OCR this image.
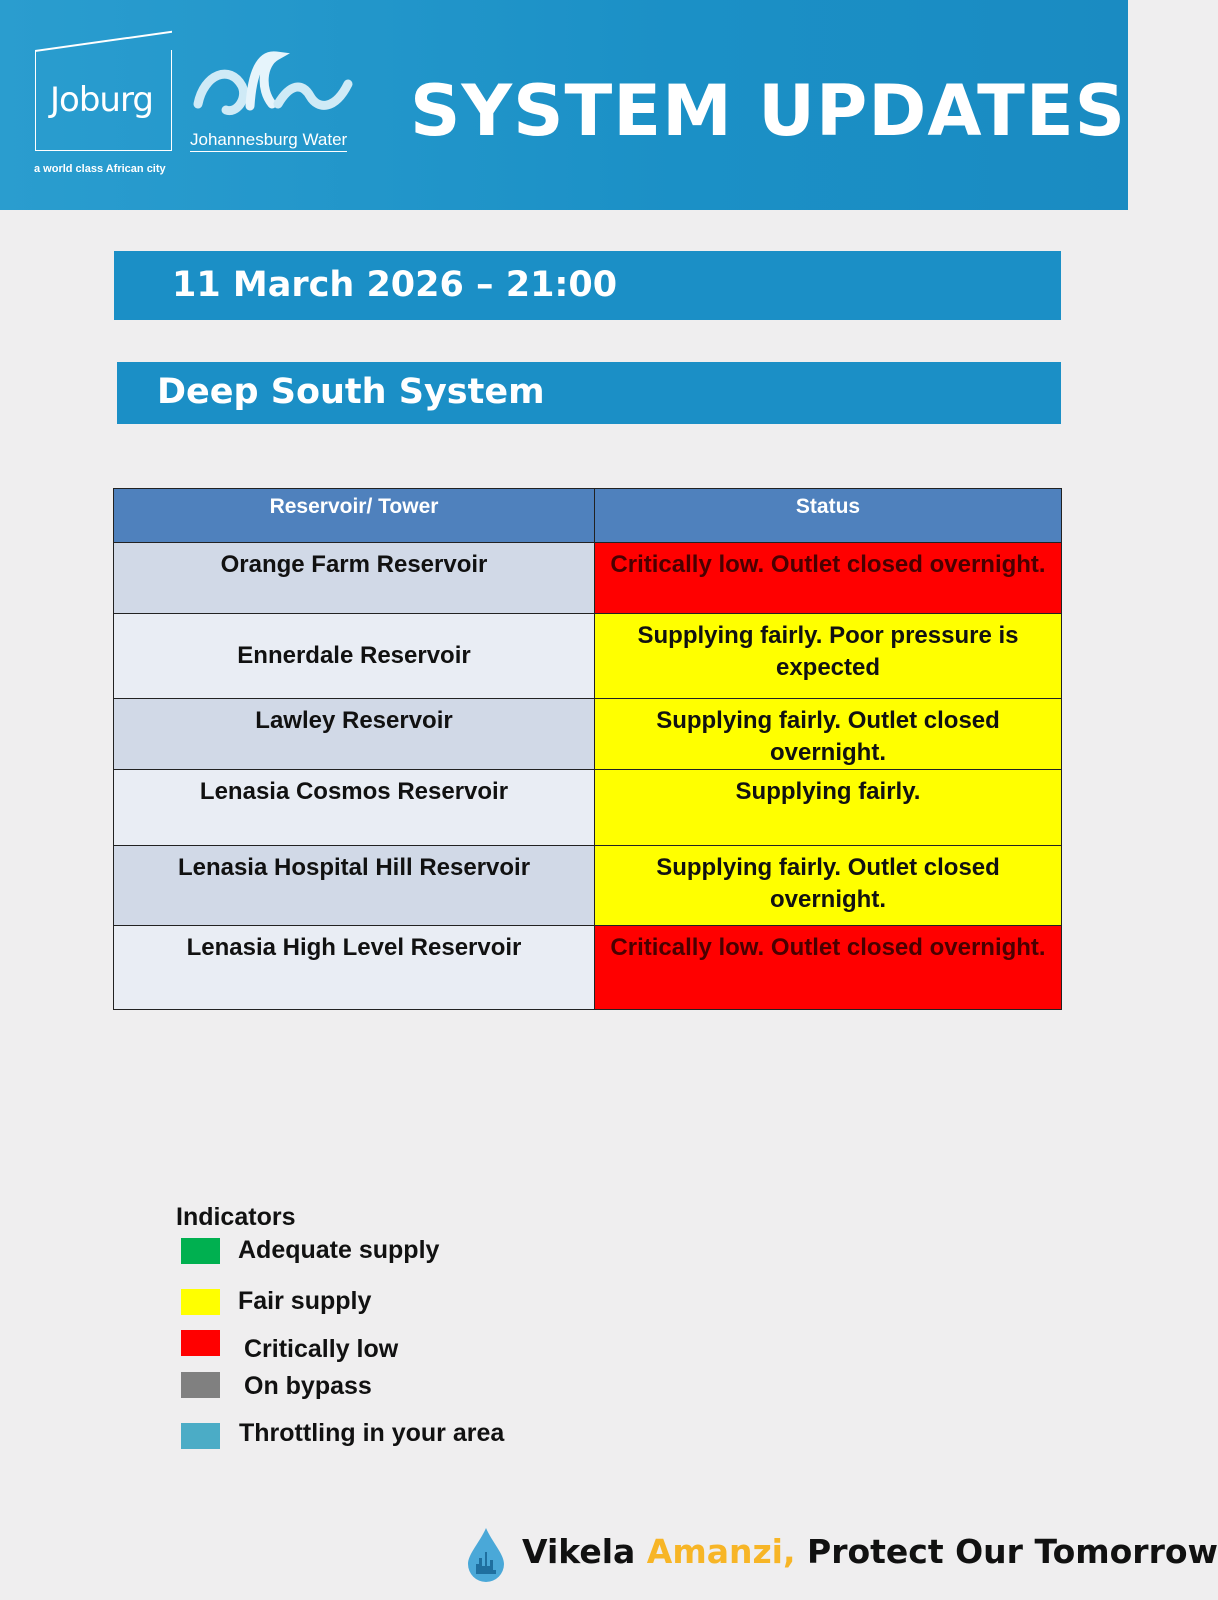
Joburg
a world class African city
Johannesburg Water SYSTEM UPDATES
11 March 2026 – 21:00
Deep South System
Reservoir/ Tower	Status
Orange Farm Reservoir	Critically low. Outlet closed overnight.
Ennerdale Reservoir	Supplying fairly. Poor pressure is expected
Lawley Reservoir	Supplying fairly. Outlet closed overnight.
Lenasia Cosmos Reservoir	Supplying fairly.
Lenasia Hospital Hill Reservoir	Supplying fairly. Outlet closed overnight.
Lenasia High Level Reservoir	Critically low. Outlet closed overnight.
Indicators
Adequate supply
Fair supply
Critically low
On bypass
Throttling in your area
Vikela Amanzi, Protect Our Tomorrow
